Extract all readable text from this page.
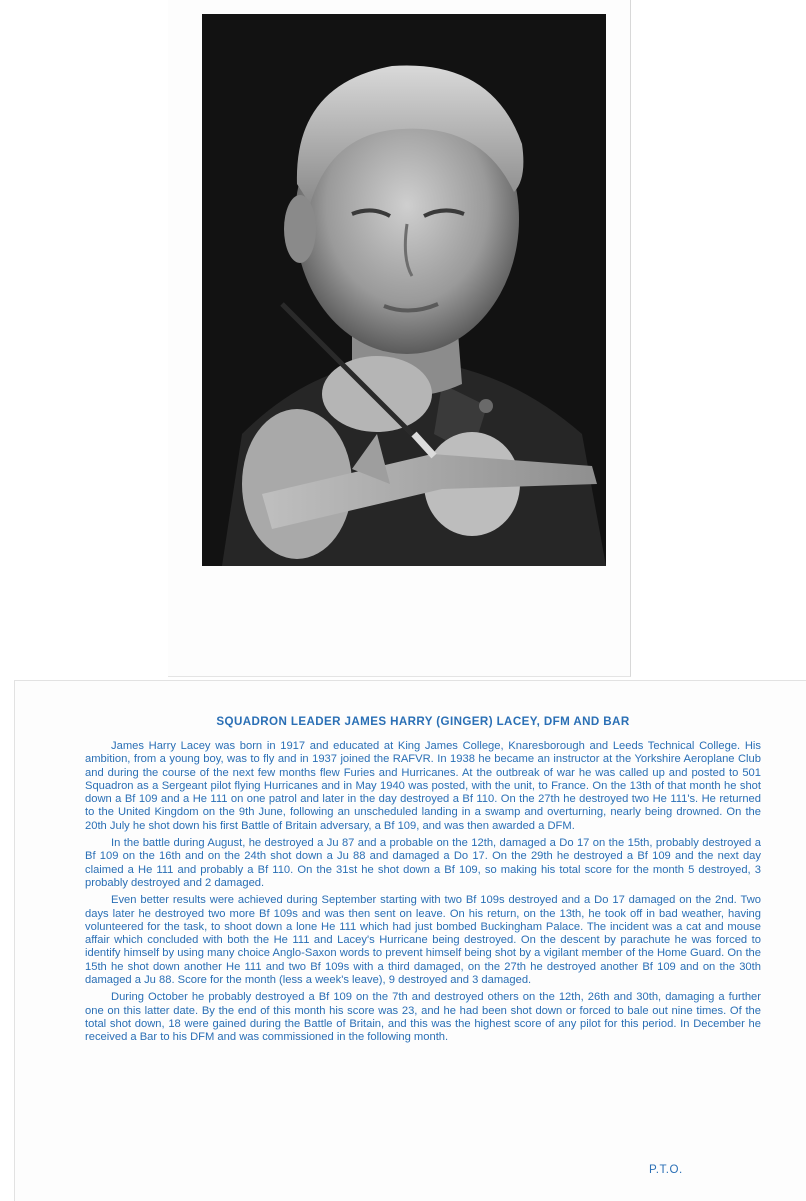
SQUADRON LEADER JAMES HARRY (GINGER) LACEY, DFM AND BAR

James Harry Lacey was born in 1917 and educated at King James College, Knaresborough and Leeds Technical College. His ambition, from a young boy, was to fly and in 1937 joined the RAFVR. In 1938 he became an instructor at the Yorkshire Aeroplane Club and during the course of the next few months flew Furies and Hurricanes. At the outbreak of war he was called up and posted to 501 Squadron as a Sergeant pilot flying Hurricanes and in May 1940 was posted, with the unit, to France. On the 13th of that month he shot down a Bf 109 and a He 111 on one patrol and later in the day destroyed a Bf 110. On the 27th he destroyed two He 111's. He returned to the United Kingdom on the 9th June, following an unscheduled landing in a swamp and overturning, nearly being drowned. On the 20th July he shot down his first Battle of Britain adversary, a Bf 109, and was then awarded a DFM.

In the battle during August, he destroyed a Ju 87 and a probable on the 12th, damaged a Do 17 on the 15th, probably destroyed a Bf 109 on the 16th and on the 24th shot down a Ju 88 and damaged a Do 17. On the 29th he destroyed a Bf 109 and the next day claimed a He 111 and probably a Bf 110. On the 31st he shot down a Bf 109, so making his total score for the month 5 destroyed, 3 probably destroyed and 2 damaged.

Even better results were achieved during September starting with two Bf 109s destroyed and a Do 17 damaged on the 2nd. Two days later he destroyed two more Bf 109s and was then sent on leave. On his return, on the 13th, he took off in bad weather, having volunteered for the task, to shoot down a lone He 111 which had just bombed Buckingham Palace. The incident was a cat and mouse affair which concluded with both the He 111 and Lacey's Hurricane being destroyed. On the descent by parachute he was forced to identify himself by using many choice Anglo-Saxon words to prevent himself being shot by a vigilant member of the Home Guard. On the 15th he shot down another He 111 and two Bf 109s with a third damaged, on the 27th he destroyed another Bf 109 and on the 30th damaged a Ju 88. Score for the month (less a week's leave), 9 destroyed and 3 damaged.

During October he probably destroyed a Bf 109 on the 7th and destroyed others on the 12th, 26th and 30th, damaging a further one on this latter date. By the end of this month his score was 23, and he had been shot down or forced to bale out nine times. Of the total shot down, 18 were gained during the Battle of Britain, and this was the highest score of any pilot for this period. In December he received a Bar to his DFM and was commissioned in the following month.

P.T.O.
